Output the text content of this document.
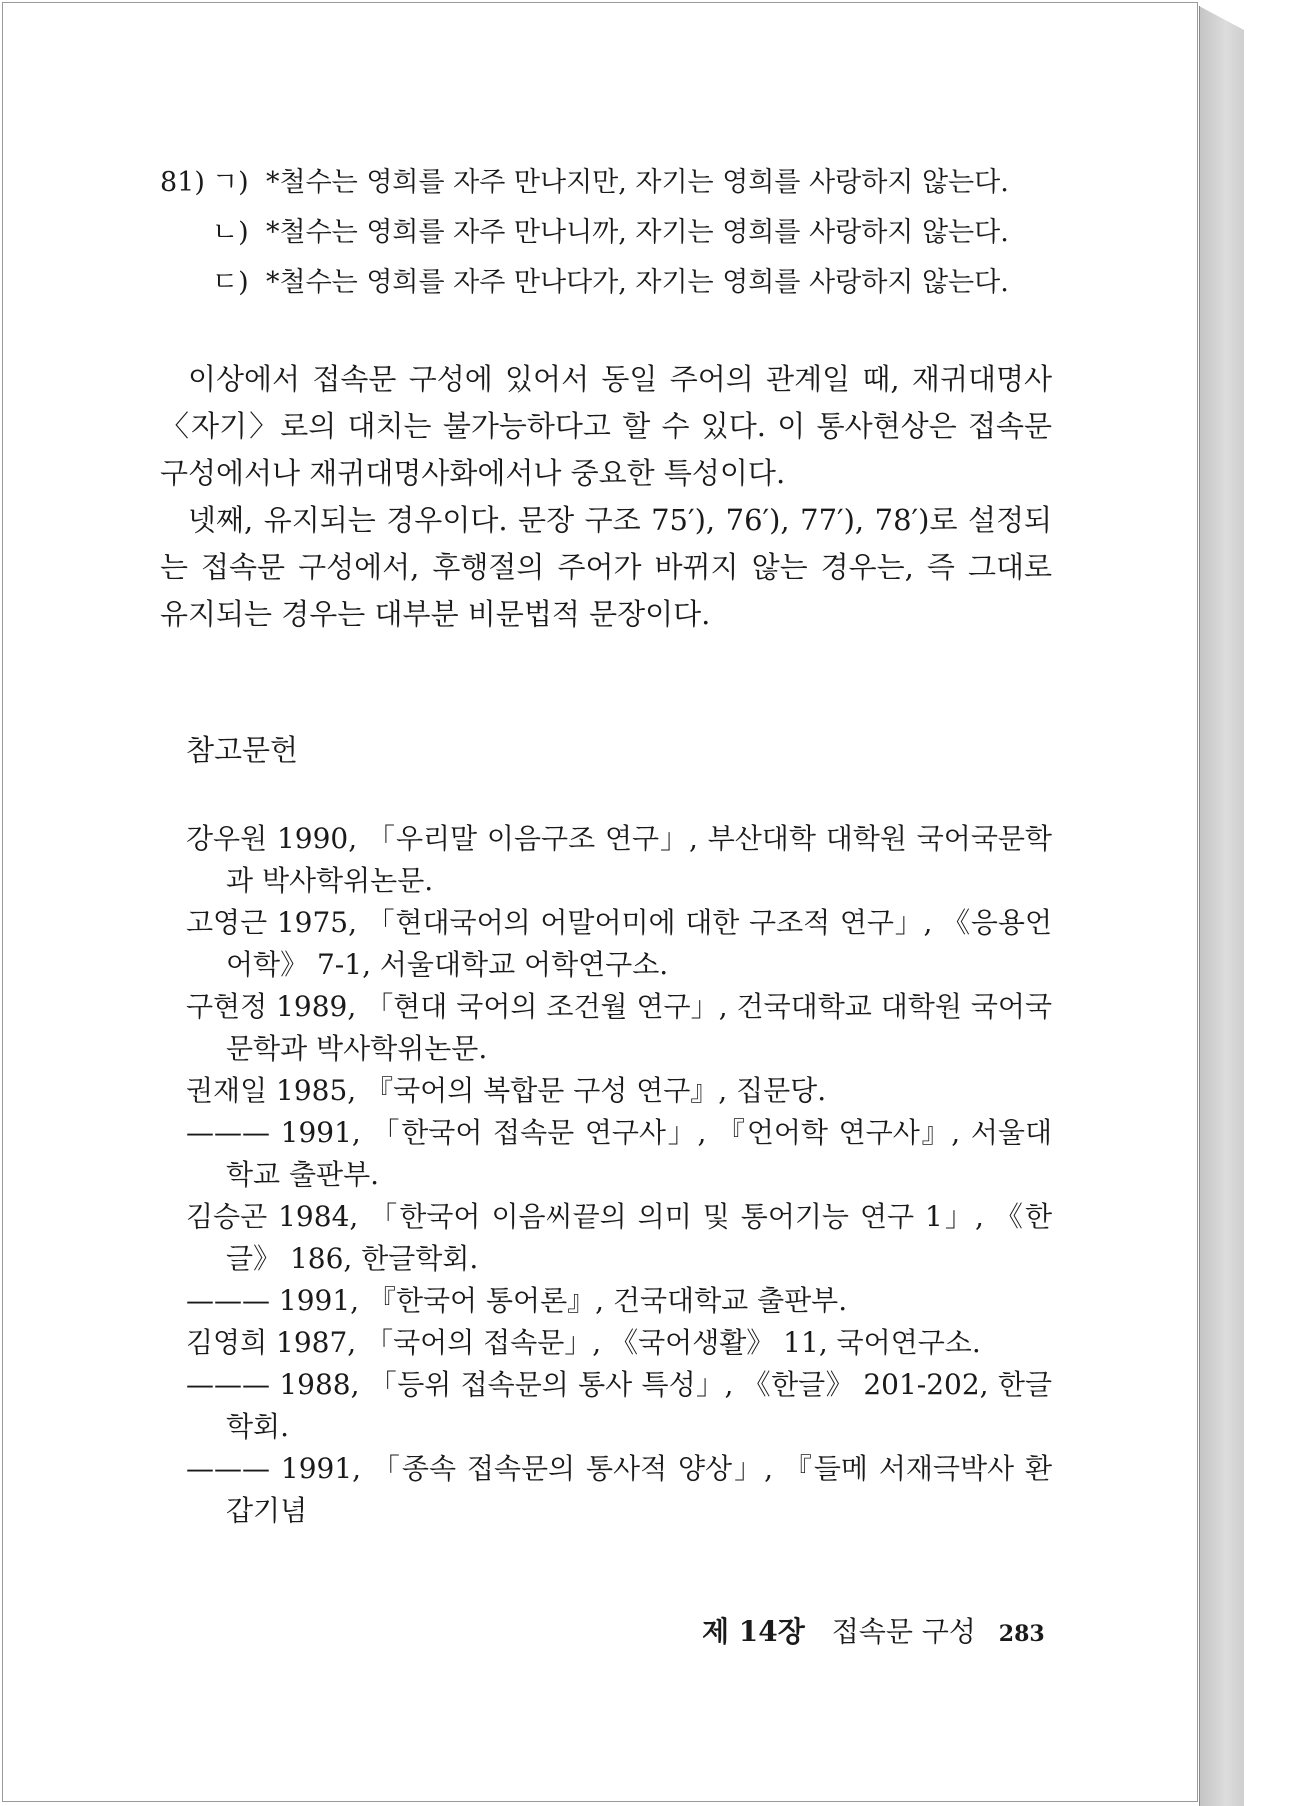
81) ㄱ) *철수는 영희를 자주 만나지만, 자기는 영희를 사랑하지 않는다.
ㄴ) *철수는 영희를 자주 만나니까, 자기는 영희를 사랑하지 않는다.
ㄷ) *철수는 영희를 자주 만나다가, 자기는 영희를 사랑하지 않는다.

이상에서 접속문 구성에 있어서 동일 주어의 관계일 때, 재귀대명사 〈자기〉로의 대치는 불가능하다고 할 수 있다. 이 통사현상은 접속문 구성에서나 재귀대명사화에서나 중요한 특성이다.

넷째, 유지되는 경우이다. 문장 구조 75′), 76′), 77′), 78′)로 설정되는 접속문 구성에서, 후행절의 주어가 바뀌지 않는 경우는, 즉 그대로 유지되는 경우는 대부분 비문법적 문장이다.

참고문헌

강우원 1990, 「우리말 이음구조 연구」, 부산대학 대학원 국어국문학과 박사학위논문.

고영근 1975, 「현대국어의 어말어미에 대한 구조적 연구」, 《응용언어학》 7-1, 서울대학교 어학연구소.

구현정 1989, 「현대 국어의 조건월 연구」, 건국대학교 대학원 국어국문학과 박사학위논문.

권재일 1985, 『국어의 복합문 구성 연구』, 집문당.

——— 1991, 「한국어 접속문 연구사」, 『언어학 연구사』, 서울대학교 출판부.

김승곤 1984, 「한국어 이음씨끝의 의미 및 통어기능 연구 1」, 《한글》 186, 한글학회.

——— 1991, 『한국어 통어론』, 건국대학교 출판부.

김영희 1987, 「국어의 접속문」, 《국어생활》 11, 국어연구소.

——— 1988, 「등위 접속문의 통사 특성」, 《한글》 201-202, 한글학회.

——— 1991, 「종속 접속문의 통사적 양상」, 『들메 서재극박사 환갑기념

제 14장 접속문 구성 283
